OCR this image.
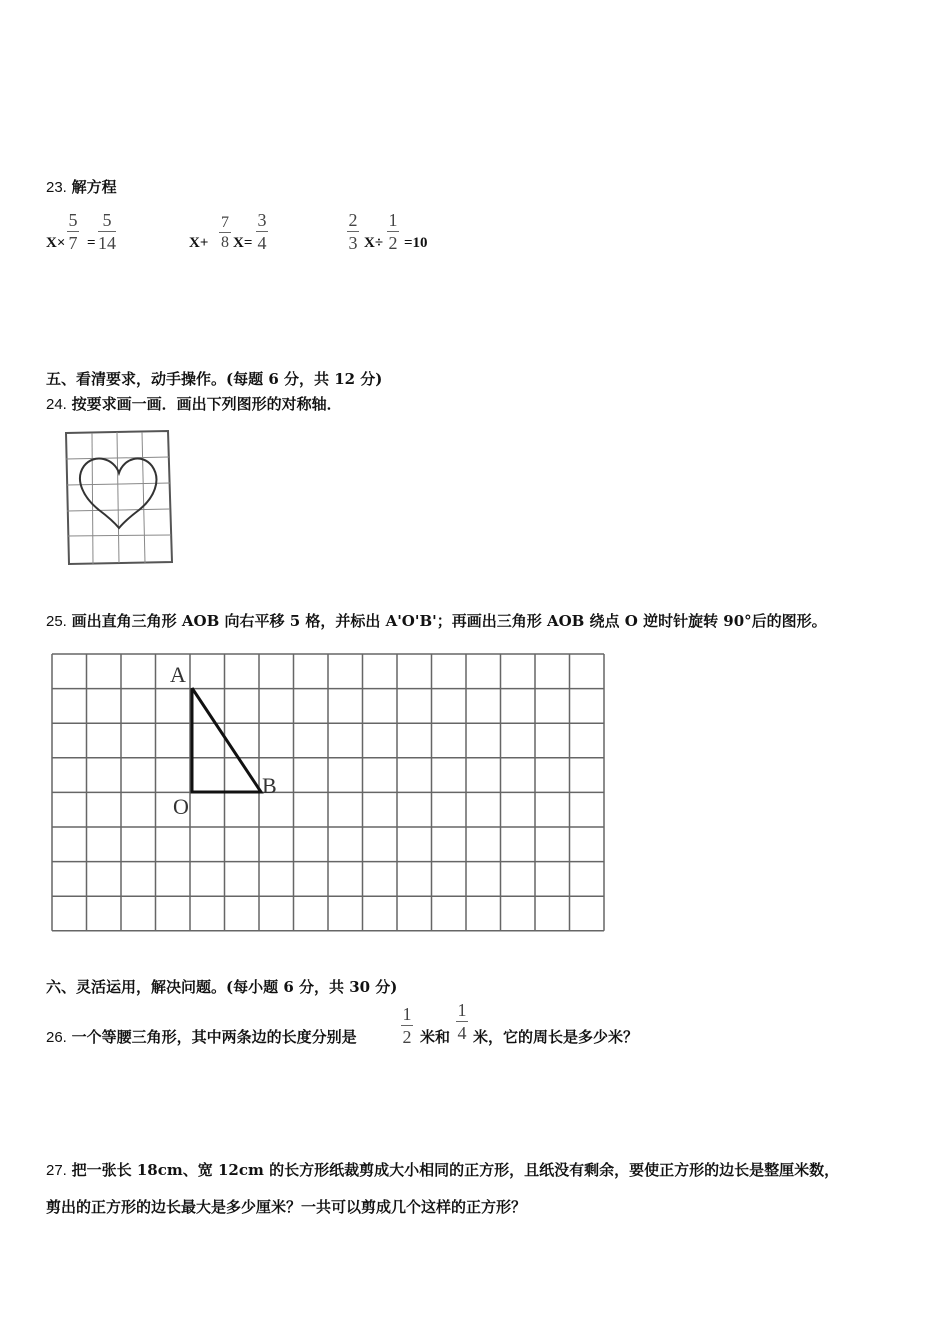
23. 解方程
X×
5
7 =
5
14	X+
7
8 X=
3
4
2
3 X÷
1
2 =10
五、看清要求，动手操作。(每题 6 分，共 12 分)
24. 按要求画一画．画出下列图形的对称轴．
25. 画出直角三角形 AOB 向右平移 5 格，并标出 A'O'B'；再画出三角形 AOB 绕点 O 逆时针旋转 90°后的图形。
A
O
B
六、灵活运用，解决问题。(每小题 6 分，共 30 分)
26. 一个等腰三角形，其中两条边的长度分别是
1
2 米和
1
4 米，它的周长是多少米？
27. 把一张长 18cm、宽 12cm 的长方形纸裁剪成大小相同的正方形，且纸没有剩余，要使正方形的边长是整厘米数，
剪出的正方形的边长最大是多少厘米？一共可以剪成几个这样的正方形？
